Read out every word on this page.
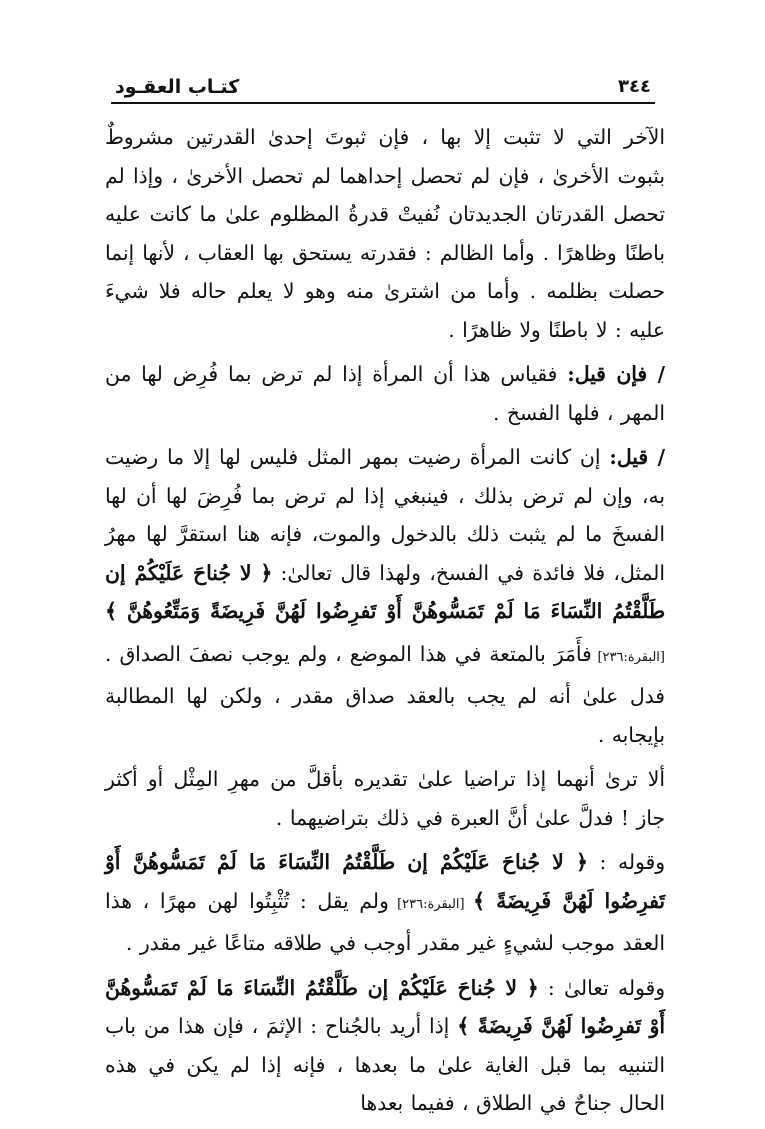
كتـاب العقـود	٣٤٤

الآخر التي لا تثبت إلا بها ، فإن ثبوتَ إحدىٰ القدرتين مشروطٌ بثبوت الأخرىٰ ، فإن لم تحصل إحداهما لم تحصل الأخرىٰ ، وإذا لم تحصل القدرتان الجديدتان نُفيتْ قدرةُ المظلوم علىٰ ما كانت عليه باطنًا وظاهرًا . وأما الظالم : فقدرته يستحق بها العقاب ، لأنها إنما حصلت بظلمه . وأما من اشترىٰ منه وهو لا يعلم حاله فلا شيءَ عليه : لا باطنًا ولا ظاهرًا .

/ فإن قيل: فقياس هذا أن المرأة إذا لم ترض بما فُرِض لها من المهر ، فلها الفسخ .

/ قيل: إن كانت المرأة رضيت بمهر المثل فليس لها إلا ما رضيت به، وإن لم ترض بذلك ، فينبغي إذا لم ترض بما فُرِضَ لها أن لها الفسخَ ما لم يثبت ذلك بالدخول والموت، فإنه هنا استقرَّ لها مهرُ المثل، فلا فائدة في الفسخ، ولهذا قال تعالىٰ: ﴿ لا جُناحَ عَلَيْكُمْ إن طَلَّقْتُمُ النِّسَاءَ مَا لَمْ تَمَسُّوهُنَّ أَوْ تَفرِضُوا لَهُنَّ فَرِيضَةً وَمَتِّعُوهُنَّ ﴾ [البقرة:٢٣٦] فأَمَرَ بالمتعة في هذا الموضع ، ولم يوجب نصفَ الصداق . فدل علىٰ أنه لم يجب بالعقد صداق مقدر ، ولكن لها المطالبة بإيجابه .

ألا ترىٰ أنهما إذا تراضيا علىٰ تقديره بأقلَّ من مهرِ المِثْل أو أكثر جاز ! فدلَّ علىٰ أنَّ العبرة في ذلك بتراضيهما .

وقوله : ﴿ لا جُناحَ عَلَيْكُمْ إن طَلَّقْتُمُ النِّسَاءَ مَا لَمْ تَمَسُّوهُنَّ أَوْ تَفرِضُوا لَهُنَّ فَرِيضَةً ﴾ [البقرة:٢٣٦] ولم يقل : تُثْبِتُوا لهن مهرًا ، هذا العقد موجب لشيءٍ غير مقدر أوجب في طلاقه متاعًا غير مقدر .

وقوله تعالىٰ : ﴿ لا جُناحَ عَلَيْكُمْ إن طَلَّقْتُمُ النِّسَاءَ مَا لَمْ تَمَسُّوهُنَّ أَوْ تَفرِضُوا لَهُنَّ فَرِيضَةً ﴾ إذا أريد بالجُناح : الإثمَ ، فإن هذا من باب التنبيه بما قبل الغاية علىٰ ما بعدها ، فإنه إذا لم يكن في هذه الحال جناحٌ في الطلاق ، ففيما بعدها
